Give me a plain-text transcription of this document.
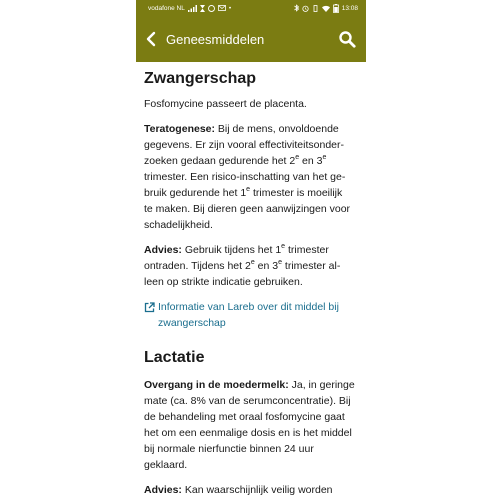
vodafone NL	•	13:08
Geneesmiddelen
Zwangerschap

Fosfomycine passeert de placenta.

Teratogenese: Bij de mens, onvoldoende
gegevens. Er zijn vooral effectiviteitsonder-
zoeken gedaan gedurende het 2e en 3e
trimester. Een risico-inschatting van het ge-
bruik gedurende het 1e trimester is moeilijk
te maken. Bij dieren geen aanwijzingen voor
schadelijkheid.

Advies: Gebruik tijdens het 1e trimester
ontraden. Tijdens het 2e en 3e trimester al-
leen op strikte indicatie gebruiken.

Informatie van Lareb over dit middel bij
zwangerschap
Lactatie

Overgang in de moedermelk: Ja, in geringe
mate (ca. 8% van de serumconcentratie). Bij
de behandeling met oraal fosfomycine gaat
het om een eenmalige dosis en is het middel
bij normale nierfunctie binnen 24 uur
geklaard.

Advies: Kan waarschijnlijk veilig worden
